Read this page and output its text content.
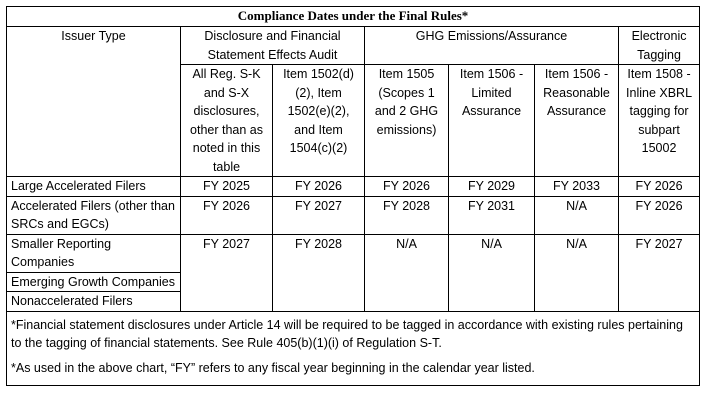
Compliance Dates under the Final Rules*						
Issuer Type	Disclosure and Financial Statement Effects Audit		GHG Emissions/Assurance			Electronic Tagging
	All Reg. S-K and S-X disclosures, other than as noted in this table	Item 1502(d)(2), Item 1502(e)(2), and Item 1504(c)(2)	Item 1505 (Scopes 1 and 2 GHG emissions)	Item 1506 - Limited Assurance	Item 1506 - Reasonable Assurance	Item 1508 - Inline XBRL tagging for subpart 15002
Large Accelerated Filers	FY 2025	FY 2026	FY 2026	FY 2029	FY 2033	FY 2026
Accelerated Filers (other than SRCs and EGCs)	FY 2026	FY 2027	FY 2028	FY 2031	N/A	FY 2026
Smaller Reporting Companies	FY 2027	FY 2028	N/A	N/A	N/A	FY 2027
Emerging Growth Companies						
Nonaccelerated Filers						

*Financial statement disclosures under Article 14 will be required to be tagged in accordance with existing rules pertaining to the tagging of financial statements. See Rule 405(b)(1)(i) of Regulation S-T.

*As used in the above chart, “FY” refers to any fiscal year beginning in the calendar year listed.						
